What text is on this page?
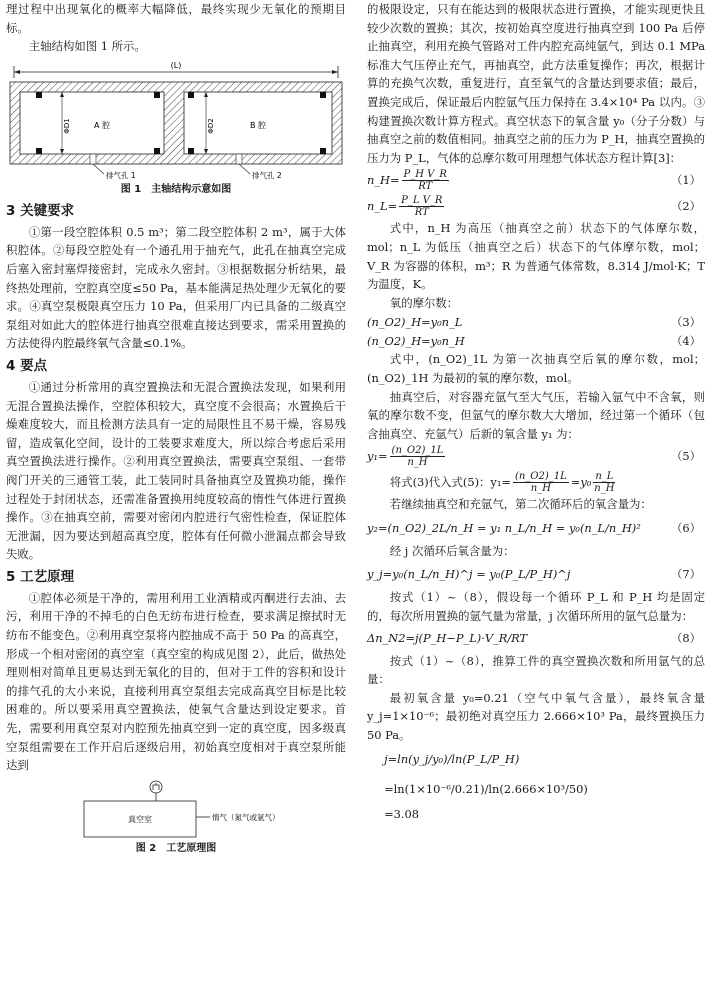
理过程中出现氧化的概率大幅降低，最终实现少无氧化的预期目标。

主轴结构如图 1 所示。

(L)
ΦD1	ΦD2
A 腔	B 腔
排气孔 1	排气孔 2
图 1　主轴结构示意如图
3 关键要求

①第一段空腔体积 0.5 m³；第二段空腔体积 2 m³，属于大体积腔体。②每段空腔处有一个通孔用于抽充气，此孔在抽真空完成后塞入密封塞焊接密封，完成永久密封。③根据数据分析结果，最终热处理前，空腔真空度≤50 Pa，基本能满足热处理少无氧化的要求。④真空泵极限真空压力 10 Pa，但采用厂内已具备的二级真空泵组对如此大的腔体进行抽真空很难直接达到要求，需采用置换的方法使得内腔最终氧气含量≤0.1%。

4 要点

①通过分析常用的真空置换法和无混合置换法发现，如果利用无混合置换法操作，空腔体积较大，真空度不会很高；水置换后干燥难度较大，而且检测方法具有一定的局限性且不易干燥，容易残留，造成氧化空间，设计的工装要求难度大，所以综合考虑后采用真空置换法进行操作。②利用真空置换法，需要真空泵组、一套带阀门开关的三通管工装，此工装同时具备抽真空及置换功能，操作过程处于封闭状态，还需准备置换用纯度较高的惰性气体进行置换操作。③在抽真空前，需要对密闭内腔进行气密性检查，保证腔体无泄漏，因为要达到超高真空度，腔体有任何微小泄漏点都会导致失败。

5 工艺原理

①腔体必须是干净的，需用利用工业酒精或丙酮进行去油、去污，利用干净的不掉毛的白色无纺布进行检查，要求满足擦拭时无纺布不能变色。②利用真空泵将内腔抽成不高于 50 Pa 的高真空，形成一个相对密闭的真空室（真空室的构成见图 2），此后，做热处理则相对简单且更易达到无氧化的目的，但对于工件的容积和设计的排气孔的大小来说，直接利用真空泵组去完成高真空目标是比较困难的。所以要采用真空置换法，使氧气含量达到设定要求。首先，需要利用真空泵对内腔预先抽真空到一定的真空度，因多级真空泵组需要在工作开启后逐级启用，初始真空度相对于真空泵所能达到

真空室	惰气（氮气或氩气）
图 2　工艺原理图

的极限设定，只有在能达到的极限状态进行置换，才能实现更快且较少次数的置换；其次，按初始真空度进行抽真空到 100 Pa 后停止抽真空，利用充换气管路对工件内腔充高纯氩气，到达 0.1 MPa 标准大气压停止充气，再抽真空，此方法重复操作；再次，根据计算的充换气次数，重复进行，直至氧气的含量达到要求值；最后，置换完成后，保证最后内腔氩气压力保持在 3.4×10⁴ Pa 以内。③构建置换次数计算方程式。真空状态下的氧含量 y₀（分子分数）与抽真空之前的数值相同。抽真空之前的压力为 P_H，抽真空置换的压力为 P_L，气体的总摩尔数可用理想气体状态方程计算[3]：

n_H= $\frac{\text{P\_H V\_R}}{RT}$	（1）
n_L= $\frac{\text{P\_L V\_R}}{RT}$	（2）

式中，n_H 为高压（抽真空之前）状态下的气体摩尔数，mol；n_L 为低压（抽真空之后）状态下的气体摩尔数，mol；V_R 为容器的体积，m³；R 为普通气体常数，8.314 J/mol·K；T 为温度，K。

氧的摩尔数：

(n_O2)_H=y₀n_L	（3）
(n_O2)_H=y₀n_H	（4）

式中，(n_O2)_1L 为第一次抽真空后氧的摩尔数，mol；(n_O2)_1H 为最初的氧的摩尔数，mol。

抽真空后，对容器充氩气至大气压，若输入氩气中不含氧，则氧的摩尔数不变，但氩气的摩尔数大大增加，经过第一个循环（包含抽真空、充氩气）后新的氧含量 y₁ 为：

$y_1= \frac{(n\_O2)\_1L}{n\_H}$	（5）
将式(3)代入式(5)：$y_1= \frac{(n\_O2)\_1L}{n\_H} =y_0 \frac{n\_L}{n\_H}$

若继续抽真空和充氩气，第二次循环后的氧含量为：

y₂=(n_O2)_2L/n_H = y₁ n_L/n_H = y₀(n_L/n_H)²	（6）

经 j 次循环后氧含量为：

y_j=y₀(n_L/n_H)^j = y₀(P_L/P_H)^j	（7）

按式（1）~（8），假设每一个循环 P_L 和 P_H 均是固定的，每次所用置换的氩气量为常量，j 次循环所用的氩气总量为：

Δn_N2=j(P_H−P_L)·V_R/RT	（8）

按式（1）~（8），推算工件的真空置换次数和所用氩气的总量：

最初氧含量 y₀=0.21（空气中氧气含量），最终氧含量 y_j=1×10⁻⁶；最初绝对真空压力 2.666×10³ Pa，最终置换压力 50 Pa。

j=ln(y_j/y₀)/ln(P_L/P_H)
=ln(1×10⁻⁶/0.21)/ln(2.666×10³/50)
=3.08
